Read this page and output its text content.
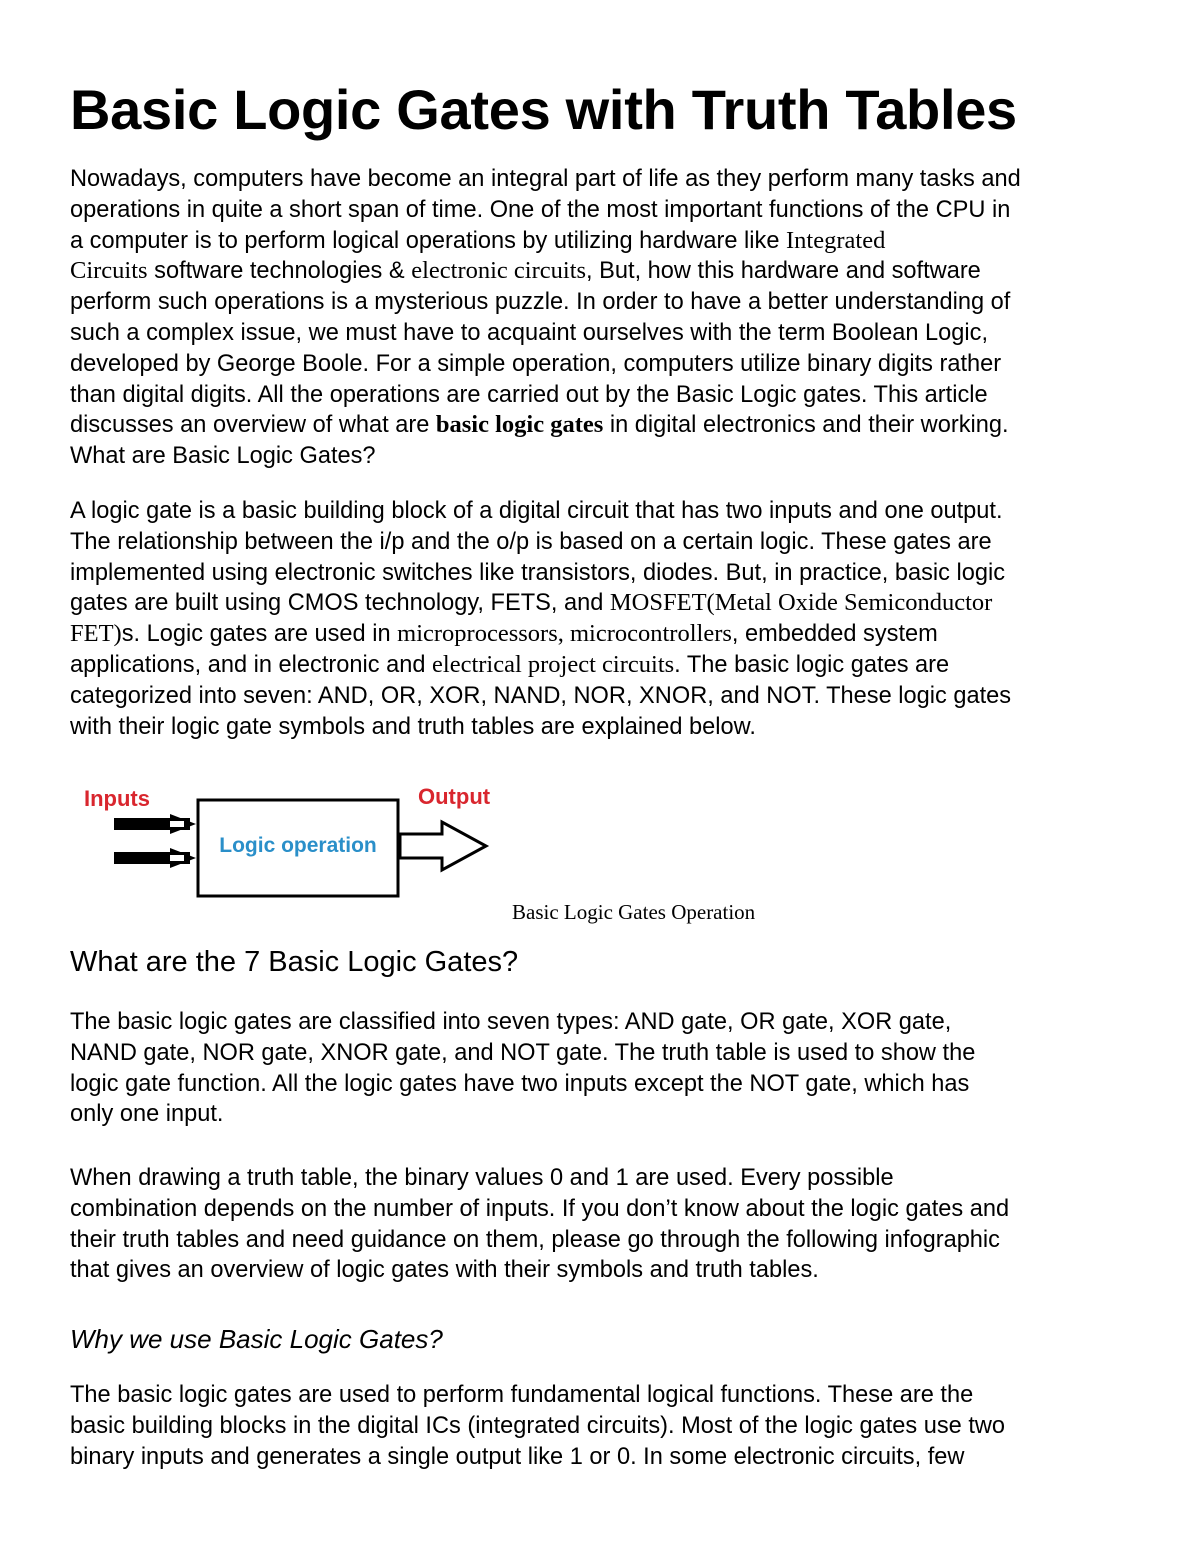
Basic Logic Gates with Truth Tables
Nowadays, computers have become an integral part of life as they perform many tasks and
operations in quite a short span of time. One of the most important functions of the CPU in
a computer is to perform logical operations by utilizing hardware like Integrated
Circuits software technologies & electronic circuits, But, how this hardware and software
perform such operations is a mysterious puzzle. In order to have a better understanding of
such a complex issue, we must have to acquaint ourselves with the term Boolean Logic,
developed by George Boole. For a simple operation, computers utilize binary digits rather
than digital digits. All the operations are carried out by the Basic Logic gates. This article
discusses an overview of what are basic logic gates in digital electronics and their working.
What are Basic Logic Gates?
A logic gate is a basic building block of a digital circuit that has two inputs and one output.
The relationship between the i/p and the o/p is based on a certain logic. These gates are
implemented using electronic switches like transistors, diodes. But, in practice, basic logic
gates are built using CMOS technology, FETS, and MOSFET(Metal Oxide Semiconductor
FET)s. Logic gates are used in microprocessors, microcontrollers, embedded system
applications, and in electronic and electrical project circuits. The basic logic gates are
categorized into seven: AND, OR, XOR, NAND, NOR, XNOR, and NOT. These logic gates
with their logic gate symbols and truth tables are explained below.
Inputs	Output
Logic operation

Basic Logic Gates Operation

What are the 7 Basic Logic Gates?
The basic logic gates are classified into seven types: AND gate, OR gate, XOR gate,
NAND gate, NOR gate, XNOR gate, and NOT gate. The truth table is used to show the
logic gate function. All the logic gates have two inputs except the NOT gate, which has
only one input.
When drawing a truth table, the binary values 0 and 1 are used. Every possible
combination depends on the number of inputs. If you don’t know about the logic gates and
their truth tables and need guidance on them, please go through the following infographic
that gives an overview of logic gates with their symbols and truth tables.
Why we use Basic Logic Gates?
The basic logic gates are used to perform fundamental logical functions. These are the
basic building blocks in the digital ICs (integrated circuits). Most of the logic gates use two
binary inputs and generates a single output like 1 or 0. In some electronic circuits, few
